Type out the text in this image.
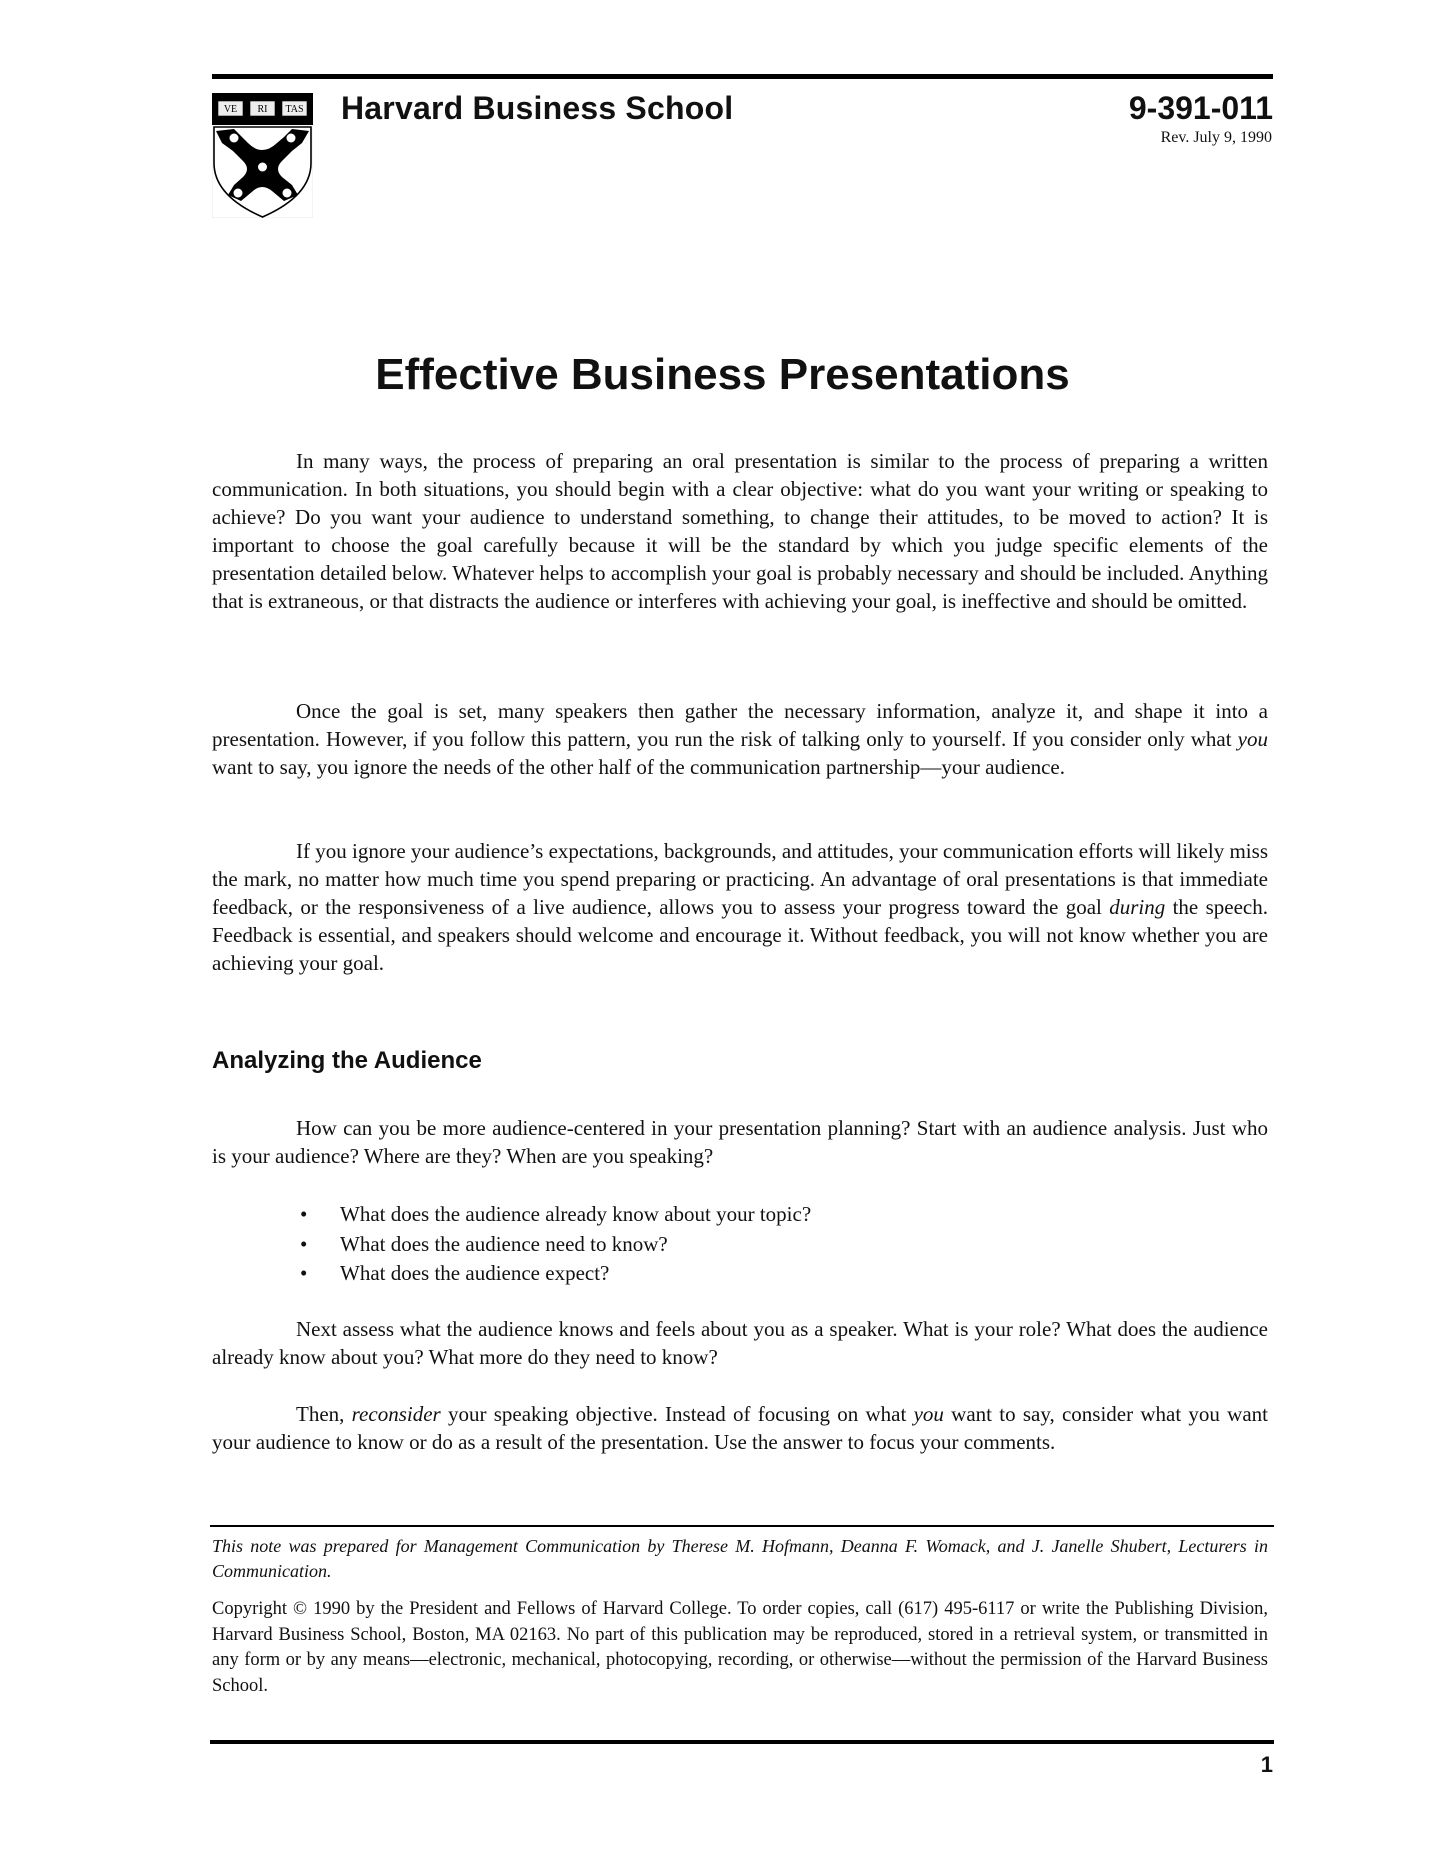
VE RI TAS Harvard Business School	9-391-011
Rev. July 9, 1990
Effective Business Presentations

In many ways, the process of preparing an oral presentation is similar to the process of preparing a written communication. In both situations, you should begin with a clear objective: what do you want your writing or speaking to achieve? Do you want your audience to understand something, to change their attitudes, to be moved to action? It is important to choose the goal carefully because it will be the standard by which you judge specific elements of the presentation detailed below. Whatever helps to accomplish your goal is probably necessary and should be included. Anything that is extraneous, or that distracts the audience or interferes with achieving your goal, is ineffective and should be omitted.

Once the goal is set, many speakers then gather the necessary information, analyze it, and shape it into a presentation. However, if you follow this pattern, you run the risk of talking only to yourself. If you consider only what you want to say, you ignore the needs of the other half of the communication partnership—your audience.

If you ignore your audience’s expectations, backgrounds, and attitudes, your communication efforts will likely miss the mark, no matter how much time you spend preparing or practicing. An advantage of oral presentations is that immediate feedback, or the responsiveness of a live audience, allows you to assess your progress toward the goal during the speech. Feedback is essential, and speakers should welcome and encourage it. Without feedback, you will not know whether you are achieving your goal.

Analyzing the Audience

How can you be more audience-centered in your presentation planning? Start with an audience analysis. Just who is your audience? Where are they? When are you speaking?

• What does the audience already know about your topic?
• What does the audience need to know?
• What does the audience expect?

Next assess what the audience knows and feels about you as a speaker. What is your role? What does the audience already know about you? What more do they need to know?

Then, reconsider your speaking objective. Instead of focusing on what you want to say, consider what you want your audience to know or do as a result of the presentation. Use the answer to focus your comments.

This note was prepared for Management Communication by Therese M. Hofmann, Deanna F. Womack, and J. Janelle Shubert, Lecturers in Communication.

Copyright © 1990 by the President and Fellows of Harvard College. To order copies, call (617) 495-6117 or write the Publishing Division, Harvard Business School, Boston, MA 02163. No part of this publication may be reproduced, stored in a retrieval system, or transmitted in any form or by any means—electronic, mechanical, photocopying, recording, or otherwise—without the permission of the Harvard Business School.

1
